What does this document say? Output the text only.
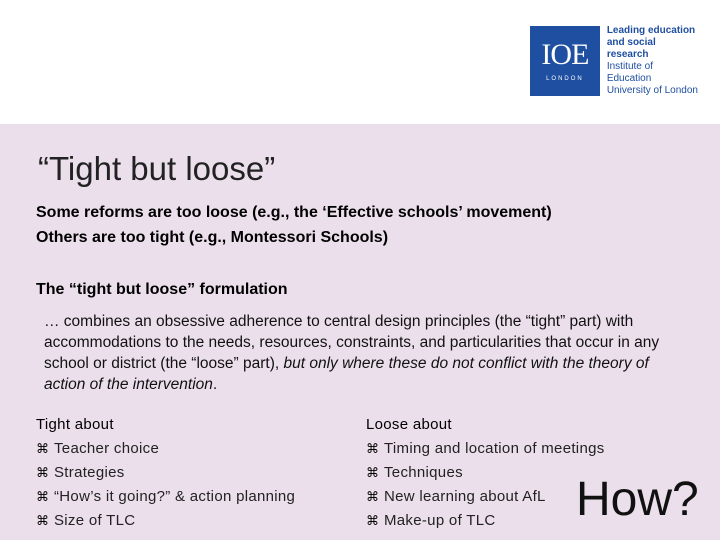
IOE
LONDON
Leading education
and social research
Institute of Education
University of London
“Tight but loose”
Some reforms are too loose (e.g., the ‘Effective schools’ movement)
Others are too tight (e.g., Montessori Schools)
The “tight but loose” formulation
… combines an obsessive adherence to central design principles (the “tight” part) with accommodations to the needs, resources, constraints, and particularities that occur in any school or district (the “loose” part), but only where these do not conflict with the theory of action of the intervention.
Tight about
⌘ Teacher choice
⌘ Strategies
⌘ “How’s it going?” & action planning
⌘ Size of TLC
Loose about
⌘ Timing and location of meetings
⌘ Techniques
⌘ New learning about AfL
⌘ Make-up of TLC How?
